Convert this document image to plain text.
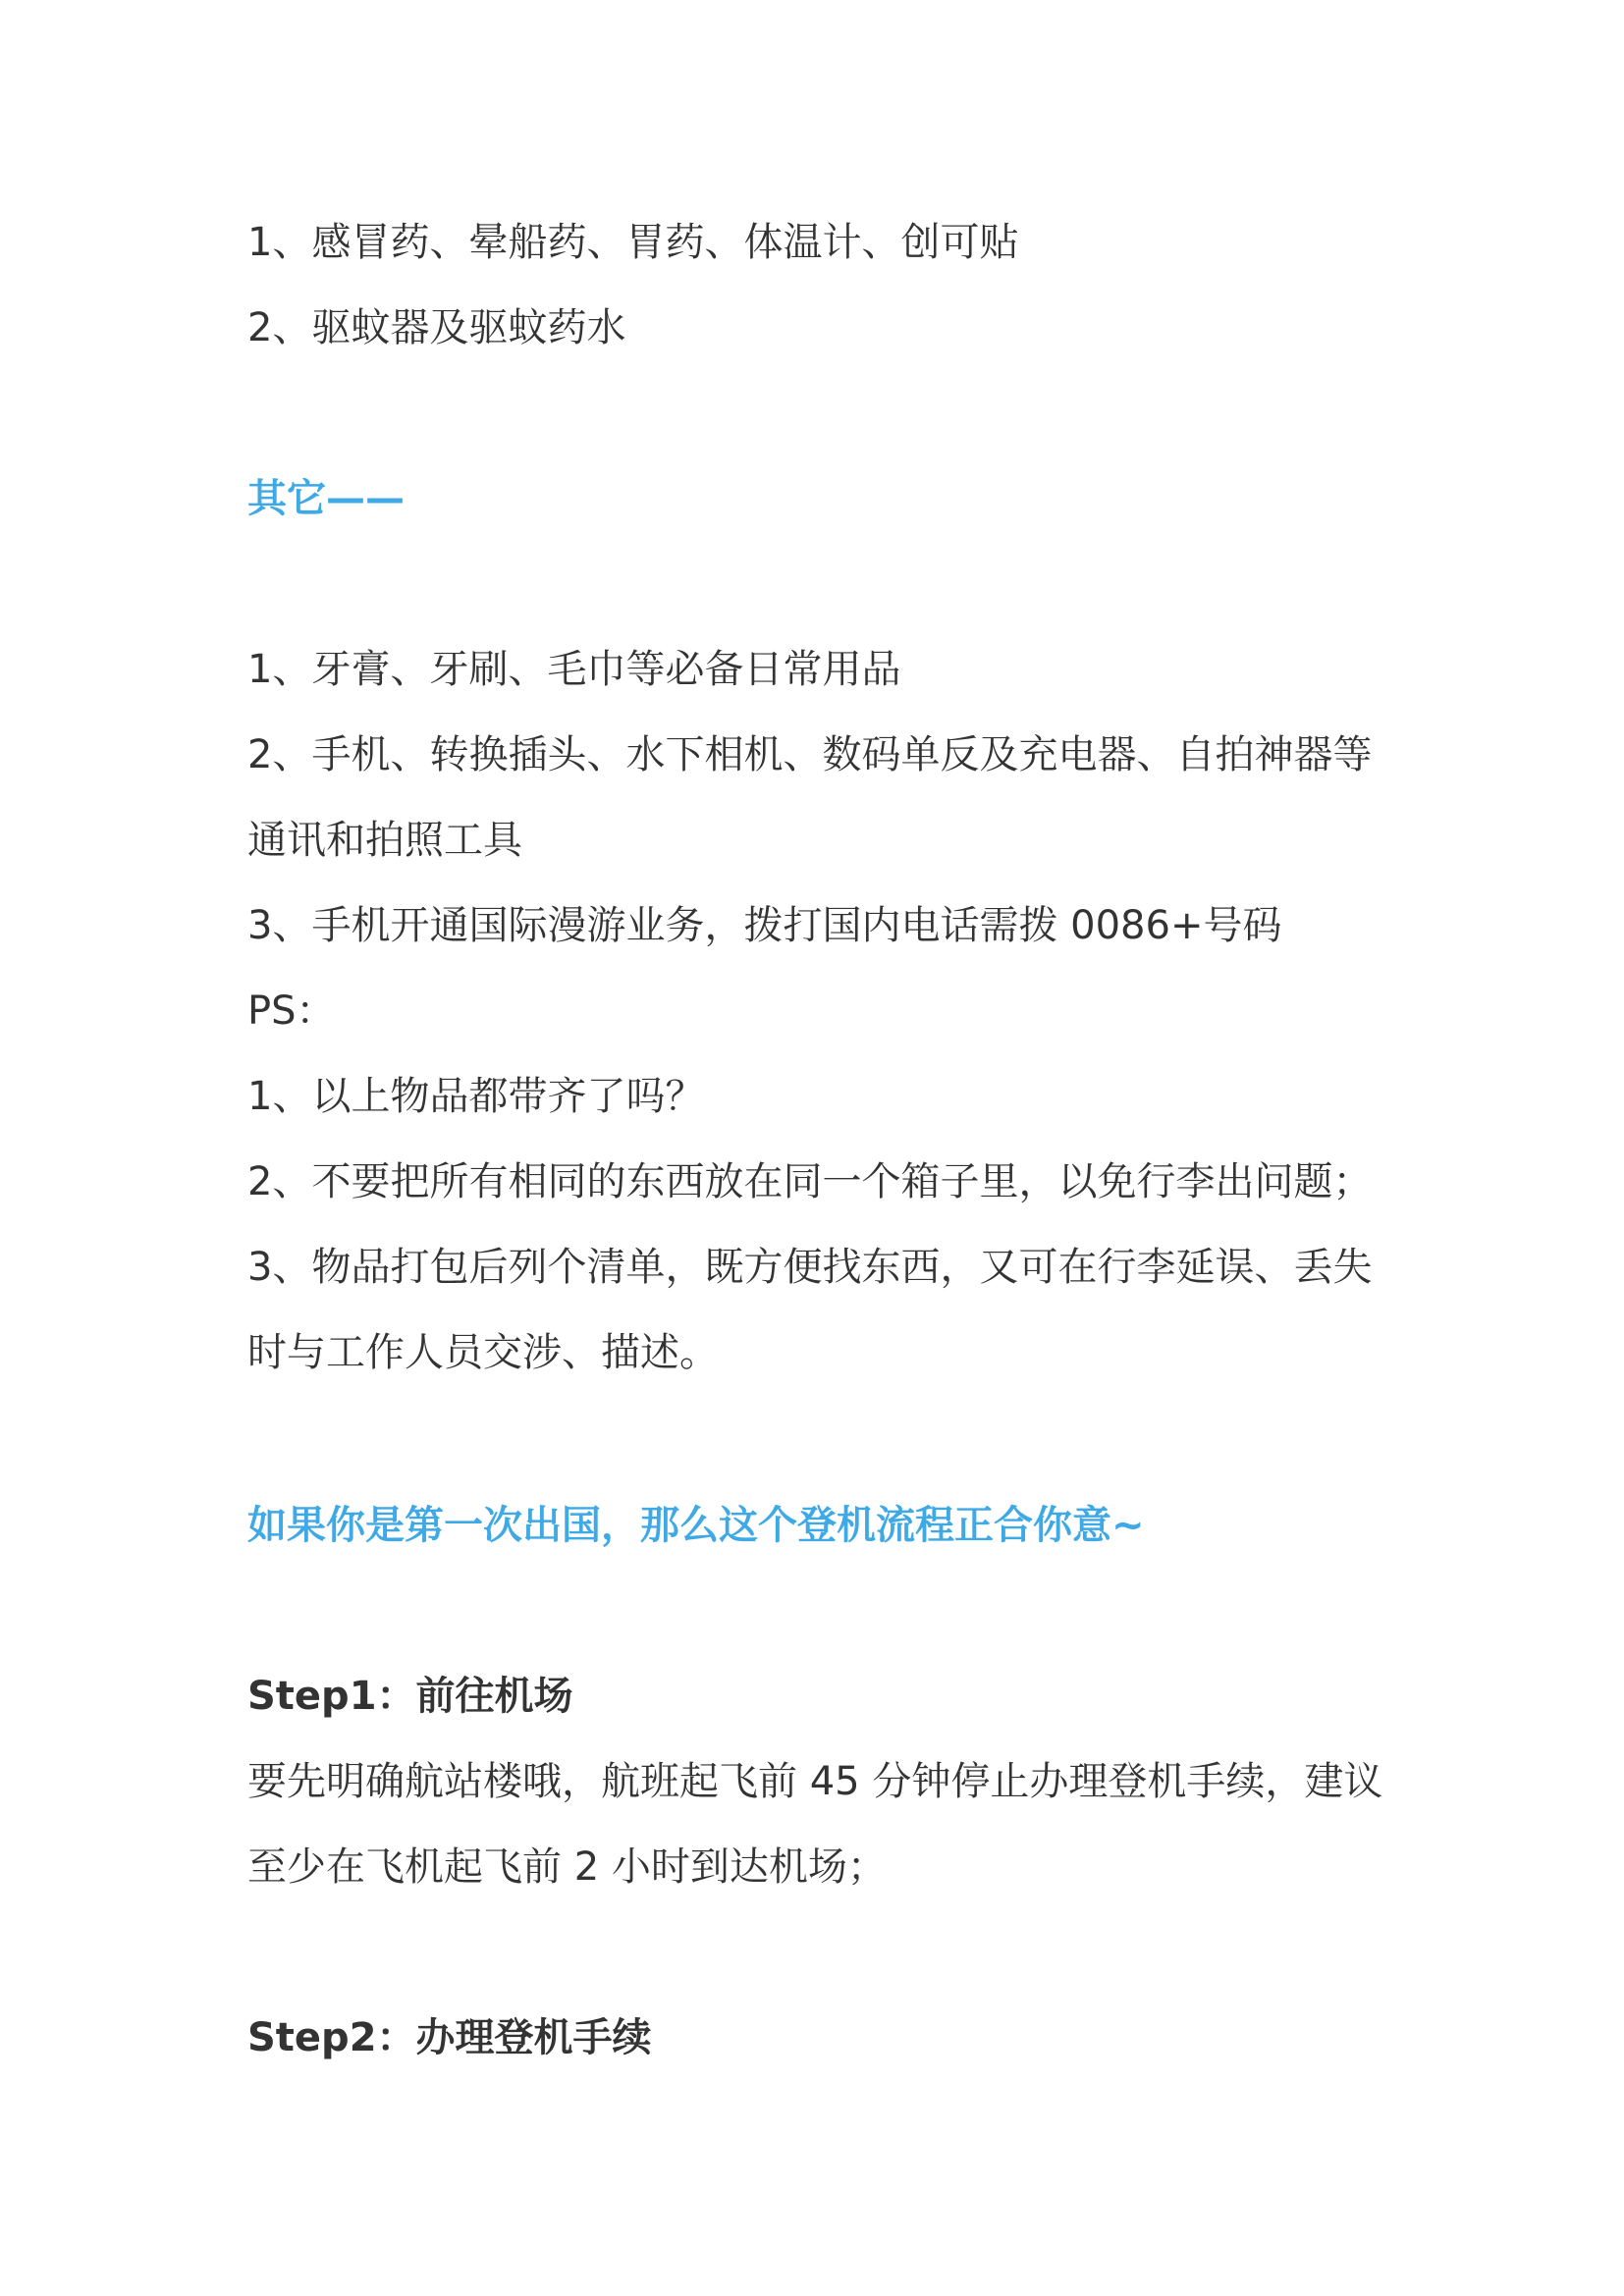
1、感冒药、晕船药、胃药、体温计、创可贴

2、驱蚊器及驱蚊药水

其它——

1、牙膏、牙刷、毛巾等必备日常用品

2、手机、转换插头、水下相机、数码单反及充电器、自拍神器等

通讯和拍照工具

3、手机开通国际漫游业务，拨打国内电话需拨 0086+号码

PS：

1、以上物品都带齐了吗？

2、不要把所有相同的东西放在同一个箱子里，以免行李出问题；

3、物品打包后列个清单，既方便找东西，又可在行李延误、丢失

时与工作人员交涉、描述。

如果你是第一次出国，那么这个登机流程正合你意~
Step1：前往机场

要先明确航站楼哦，航班起飞前 45 分钟停止办理登机手续，建议

至少在飞机起飞前 2 小时到达机场；

Step2：办理登机手续
